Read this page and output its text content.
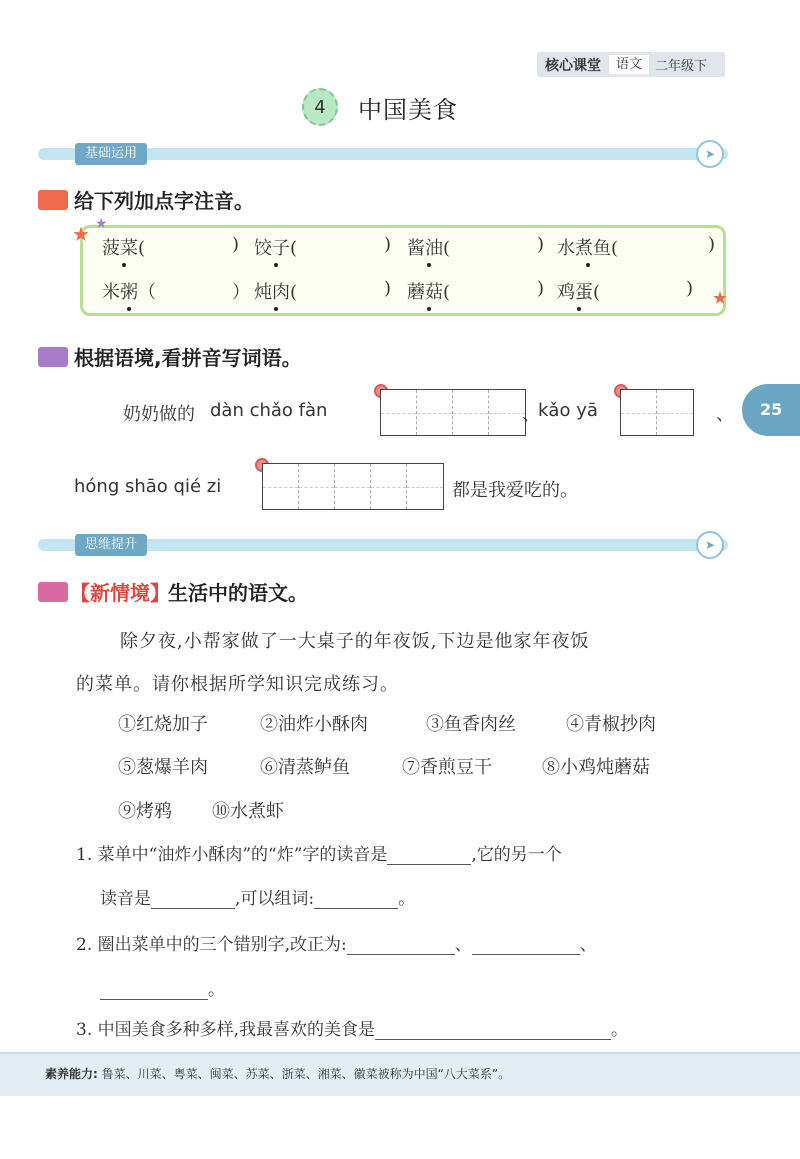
核心课堂	语文	二年级下
4 中国美食
基础运用	➤
给下列加点字注音。
★ ★
★
菠菜(	) 饺子(	) 酱油(	) 水煮鱼(	)
米粥（	） 炖肉(	) 蘑菇(	) 鸡蛋(	)
根据语境,看拼音写词语。
奶奶做的 dàn chǎo fàn	、
kǎo yā	、
hóng shāo qié zi	都是我爱吃的。
25
思维提升	➤
【新情境】
生活中的语文。
除夕夜,小帮家做了一大桌子的年夜饭,下边是他家年夜饭
的菜单。请你根据所学知识完成练习。
①红烧加子	②油炸小酥肉	③鱼香肉丝	④青椒抄肉
⑤葱爆羊肉	⑥清蒸鲈鱼	⑦香煎豆干	⑧小鸡炖蘑菇
⑨烤鸦 ⑩水煮虾
1. 菜单中“油炸小酥肉”的“炸”字的读音是	,它的另一个
读音是	,可以组词:	。
2. 圈出菜单中的三个错别字,改正为:	、	、
。
3. 中国美食多种多样,我最喜欢的美食是	。
素养能力: 鲁菜、川菜、粤菜、闽菜、苏菜、浙菜、湘菜、徽菜被称为中国“八大菜系”。
